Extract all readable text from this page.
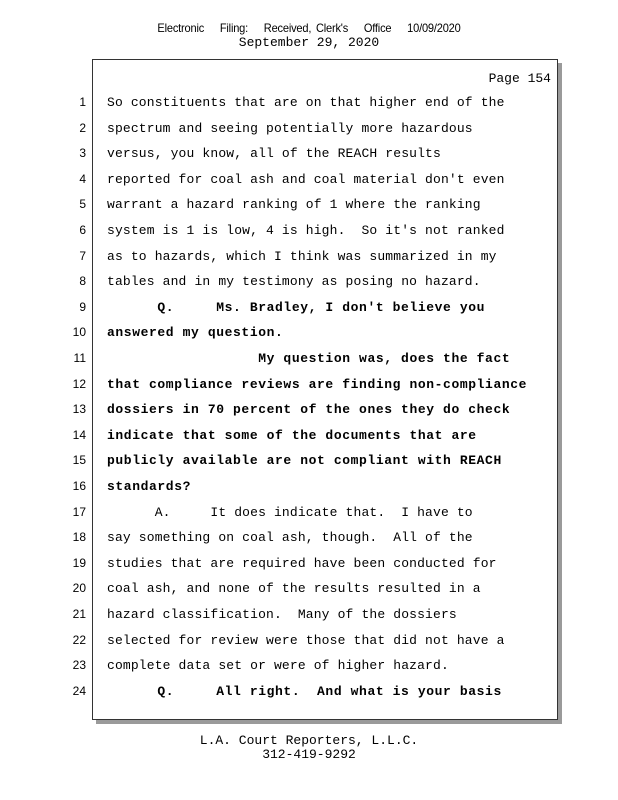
Electronic Filing: Received, Clerk's Office 10/09/2020
September 29, 2020
Page 154
1 So constituents that are on that higher end of the
2 spectrum and seeing potentially more hazardous
3 versus, you know, all of the REACH results
4 reported for coal ash and coal material don't even
5 warrant a hazard ranking of 1 where the ranking
6 system is 1 is low, 4 is high.  So it's not ranked
7 as to hazards, which I think was summarized in my
8 tables and in my testimony as posing no hazard.
9 Q.     Ms. Bradley, I don't believe you
10 answered my question.
11 My question was, does the fact
12 that compliance reviews are finding non-compliance
13 dossiers in 70 percent of the ones they do check
14 indicate that some of the documents that are
15 publicly available are not compliant with REACH
16 standards?
17 A.     It does indicate that.  I have to
18 say something on coal ash, though.  All of the
19 studies that are required have been conducted for
20 coal ash, and none of the results resulted in a
21 hazard classification.  Many of the dossiers
22 selected for review were those that did not have a
23 complete data set or were of higher hazard.
24 Q.     All right.  And what is your basis
L.A. Court Reporters, L.L.C.
312-419-9292
